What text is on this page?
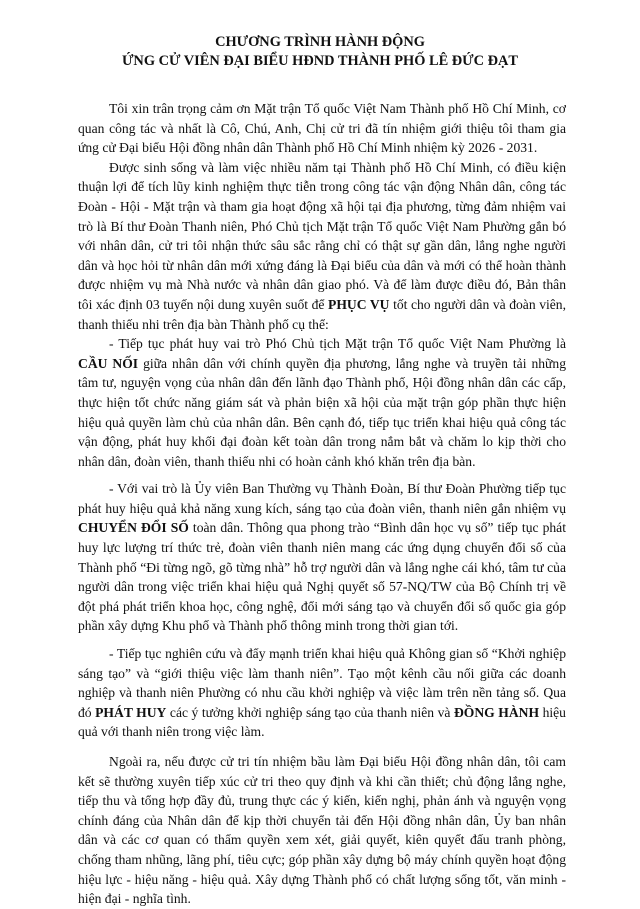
CHƯƠNG TRÌNH HÀNH ĐỘNG
ỨNG CỬ VIÊN ĐẠI BIỂU HĐND THÀNH PHỐ LÊ ĐỨC ĐẠT

Tôi xin trân trọng cảm ơn Mặt trận Tổ quốc Việt Nam Thành phố Hồ Chí Minh, cơ quan công tác và nhất là Cô, Chú, Anh, Chị cử tri đã tín nhiệm giới thiệu tôi tham gia ứng cử Đại biểu Hội đồng nhân dân Thành phố Hồ Chí Minh nhiệm kỳ 2026 - 2031.

Được sinh sống và làm việc nhiều năm tại Thành phố Hồ Chí Minh, có điều kiện thuận lợi để tích lũy kinh nghiệm thực tiễn trong công tác vận động Nhân dân, công tác Đoàn - Hội - Mặt trận và tham gia hoạt động xã hội tại địa phương, từng đảm nhiệm vai trò là Bí thư Đoàn Thanh niên, Phó Chủ tịch Mặt trận Tổ quốc Việt Nam Phường gắn bó với nhân dân, cử tri tôi nhận thức sâu sắc rằng chỉ có thật sự gần dân, lắng nghe người dân và học hỏi từ nhân dân mới xứng đáng là Đại biểu của dân và mới có thể hoàn thành được nhiệm vụ mà Nhà nước và nhân dân giao phó. Và để làm được điều đó, Bản thân tôi xác định 03 tuyến nội dung xuyên suốt để PHỤC VỤ tốt cho người dân và đoàn viên, thanh thiếu nhi trên địa bàn Thành phố cụ thể:

- Tiếp tục phát huy vai trò Phó Chủ tịch Mặt trận Tổ quốc Việt Nam Phường là CẦU NỐI giữa nhân dân với chính quyền địa phương, lắng nghe và truyền tải những tâm tư, nguyện vọng của nhân dân đến lãnh đạo Thành phố, Hội đồng nhân dân các cấp, thực hiện tốt chức năng giám sát và phản biện xã hội của mặt trận góp phần thực hiện hiệu quả quyền làm chủ của nhân dân. Bên cạnh đó, tiếp tục triển khai hiệu quả công tác vận động, phát huy khối đại đoàn kết toàn dân trong nắm bắt và chăm lo kịp thời cho nhân dân, đoàn viên, thanh thiếu nhi có hoàn cảnh khó khăn trên địa bàn.

- Với vai trò là Ủy viên Ban Thường vụ Thành Đoàn, Bí thư Đoàn Phường tiếp tục phát huy hiệu quả khả năng xung kích, sáng tạo của đoàn viên, thanh niên gắn nhiệm vụ CHUYỂN ĐỔI SỐ toàn dân. Thông qua phong trào “Bình dân học vụ số” tiếp tục phát huy lực lượng trí thức trẻ, đoàn viên thanh niên mang các ứng dụng chuyển đổi số của Thành phố “Đi từng ngõ, gõ từng nhà” hỗ trợ người dân và lắng nghe cái khó, tâm tư của người dân trong việc triển khai hiệu quả Nghị quyết số 57-NQ/TW của Bộ Chính trị về đột phá phát triển khoa học, công nghệ, đổi mới sáng tạo và chuyển đổi số quốc gia góp phần xây dựng Khu phố và Thành phố thông minh trong thời gian tới.

- Tiếp tục nghiên cứu và đẩy mạnh triển khai hiệu quả Không gian số “Khởi nghiệp sáng tạo” và “giới thiệu việc làm thanh niên”. Tạo một kênh cầu nối giữa các doanh nghiệp và thanh niên Phường có nhu cầu khởi nghiệp và việc làm trên nền tảng số. Qua đó PHÁT HUY các ý tưởng khởi nghiệp sáng tạo của thanh niên và ĐỒNG HÀNH hiệu quả với thanh niên trong việc làm.

Ngoài ra, nếu được cử tri tín nhiệm bầu làm Đại biểu Hội đồng nhân dân, tôi cam kết sẽ thường xuyên tiếp xúc cử tri theo quy định và khi cần thiết; chủ động lắng nghe, tiếp thu và tổng hợp đầy đủ, trung thực các ý kiến, kiến nghị, phản ánh và nguyện vọng chính đáng của Nhân dân để kịp thời chuyển tải đến Hội đồng nhân dân, Ủy ban nhân dân và các cơ quan có thẩm quyền xem xét, giải quyết, kiên quyết đấu tranh phòng, chống tham nhũng, lãng phí, tiêu cực; góp phần xây dựng bộ máy chính quyền hoạt động hiệu lực - hiệu năng - hiệu quả. Xây dựng Thành phố có chất lượng sống tốt, văn minh - hiện đại - nghĩa tình.
